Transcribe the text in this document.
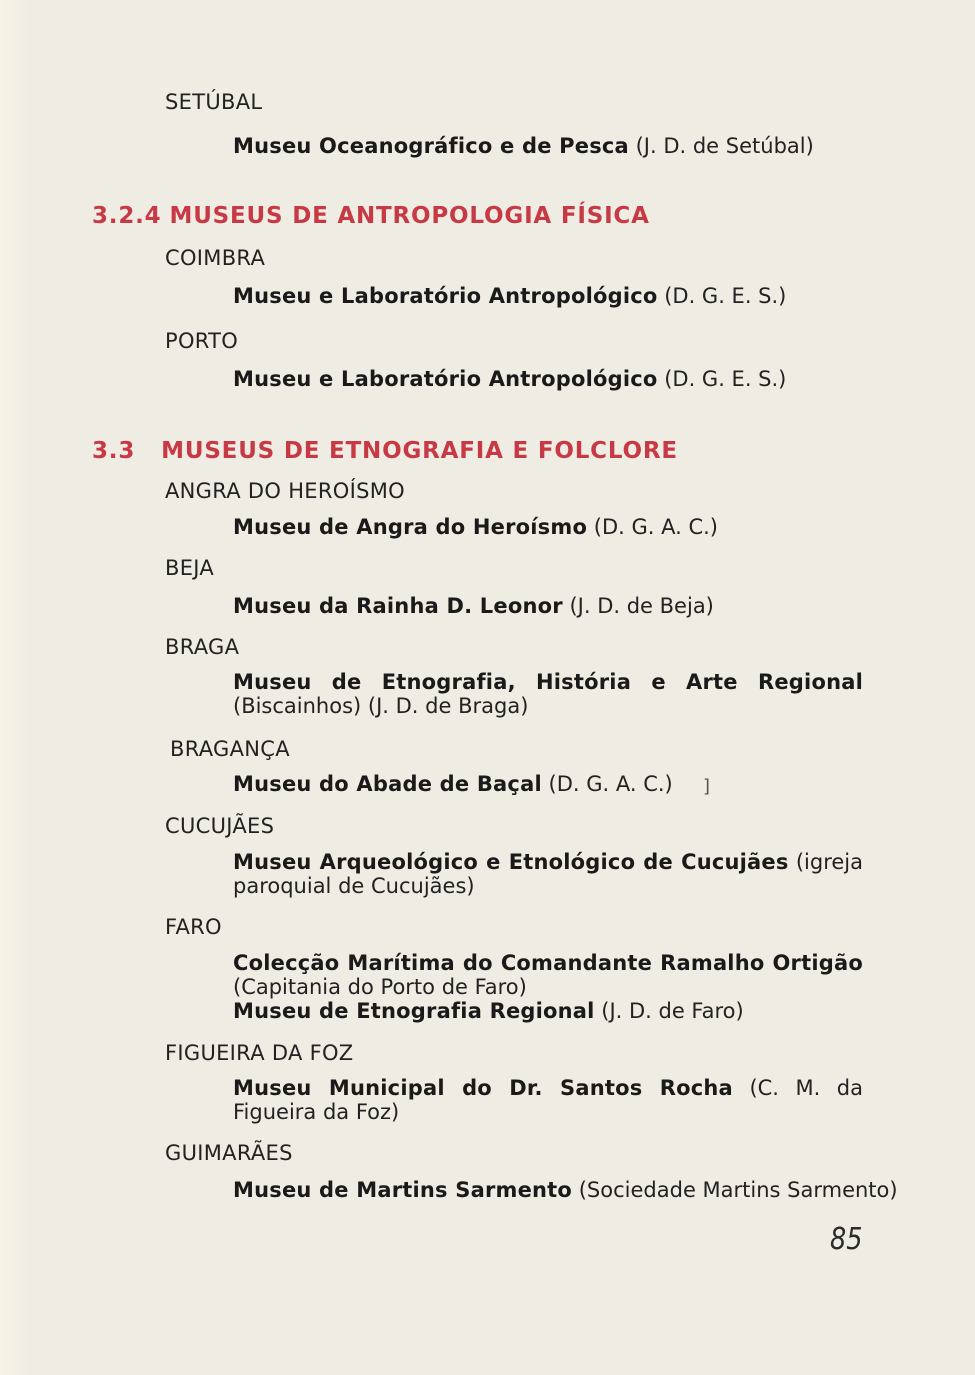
SETÚBAL
Museu Oceanográfico e de Pesca (J. D. de Setúbal)
3.2.4 MUSEUS DE ANTROPOLOGIA FÍSICA
COIMBRA
Museu e Laboratório Antropológico (D. G. E. S.)
PORTO
Museu e Laboratório Antropológico (D. G. E. S.)
3.3 MUSEUS DE ETNOGRAFIA E FOLCLORE
ANGRA DO HEROÍSMO
Museu de Angra do Heroísmo (D. G. A. C.)
BEJA
Museu da Rainha D. Leonor (J. D. de Beja)
BRAGA
Museu de Etnografia, História e Arte Regional (Biscainhos) (J. D. de Braga)
BRAGANÇA
Museu do Abade de Baçal (D. G. A. C.) ]
CUCUJÃES
Museu Arqueológico e Etnológico de Cucujães (igreja paroquial de Cucujães)
FARO
Colecção Marítima do Comandante Ramalho Ortigão (Capitania do Porto de Faro)
Museu de Etnografia Regional (J. D. de Faro)
FIGUEIRA DA FOZ
Museu Municipal do Dr. Santos Rocha (C. M. da Figueira da Foz)
GUIMARÃES
Museu de Martins Sarmento (Sociedade Martins Sarmento)
85
